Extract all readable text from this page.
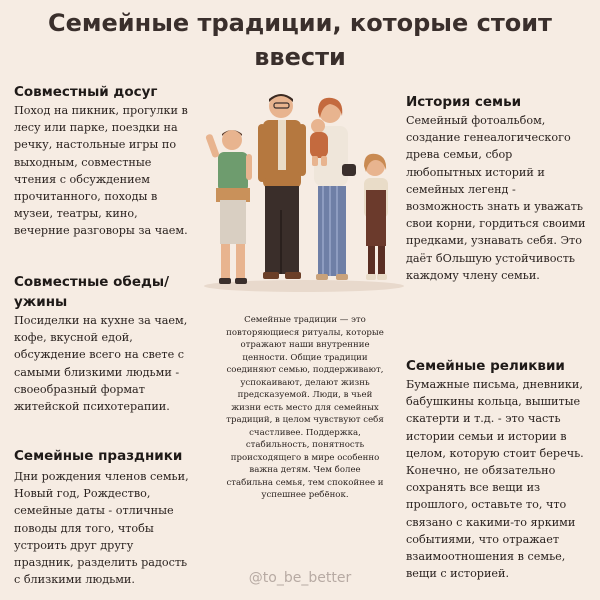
Семейные традиции, которые стоит ввести
Совместный досуг
Поход на пикник, прогулки в лесу или парке, поездки на речку, настольные игры по выходным, совместные чтения с обсуждением прочитанного, походы в музеи, театры, кино, вечерние разговоры за чаем.
Совместные обеды/ ужины
Посиделки на кухне за чаем, кофе, вкусной едой, обсуждение всего на свете с самыми близкими людьми - своеобразный формат житейской психотерапии.
Семейные праздники
Дни рождения членов семьи, Новый год, Рождество, семейные даты - отличные поводы для того, чтобы устроить друг другу праздник, разделить радость с близкими людьми.
История семьи
Семейный фотоальбом, создание генеалогического древа семьи, сбор любопытных историй и семейных легенд - возможность знать и уважать свои корни, гордиться своими предками, узнавать себя. Это даёт бОльшую устойчивость каждому члену семьи.
Семейные реликвии
Бумажные письма, дневники, бабушкины кольца, вышитые скатерти и т.д. - это часть истории семьи и истории в целом, которую стоит беречь. Конечно, не обязательно сохранять все вещи из прошлого, оставьте то, что связано с какими-то яркими событиями, что отражает взаимоотношения в семье, вещи с историей.
Семейные традиции — это повторяющиеся ритуалы, которые отражают наши внутренние ценности. Общие традиции соединяют семью, поддерживают, успокаивают, делают жизнь предсказуемой. Люди, в чьей жизни есть место для семейных традиций, в целом чувствуют себя счастливее. Поддержка, стабильность, понятность происходящего в мире особенно важна детям. Чем более стабильна семья, тем спокойнее и успешнее ребёнок.
@to_be_better
